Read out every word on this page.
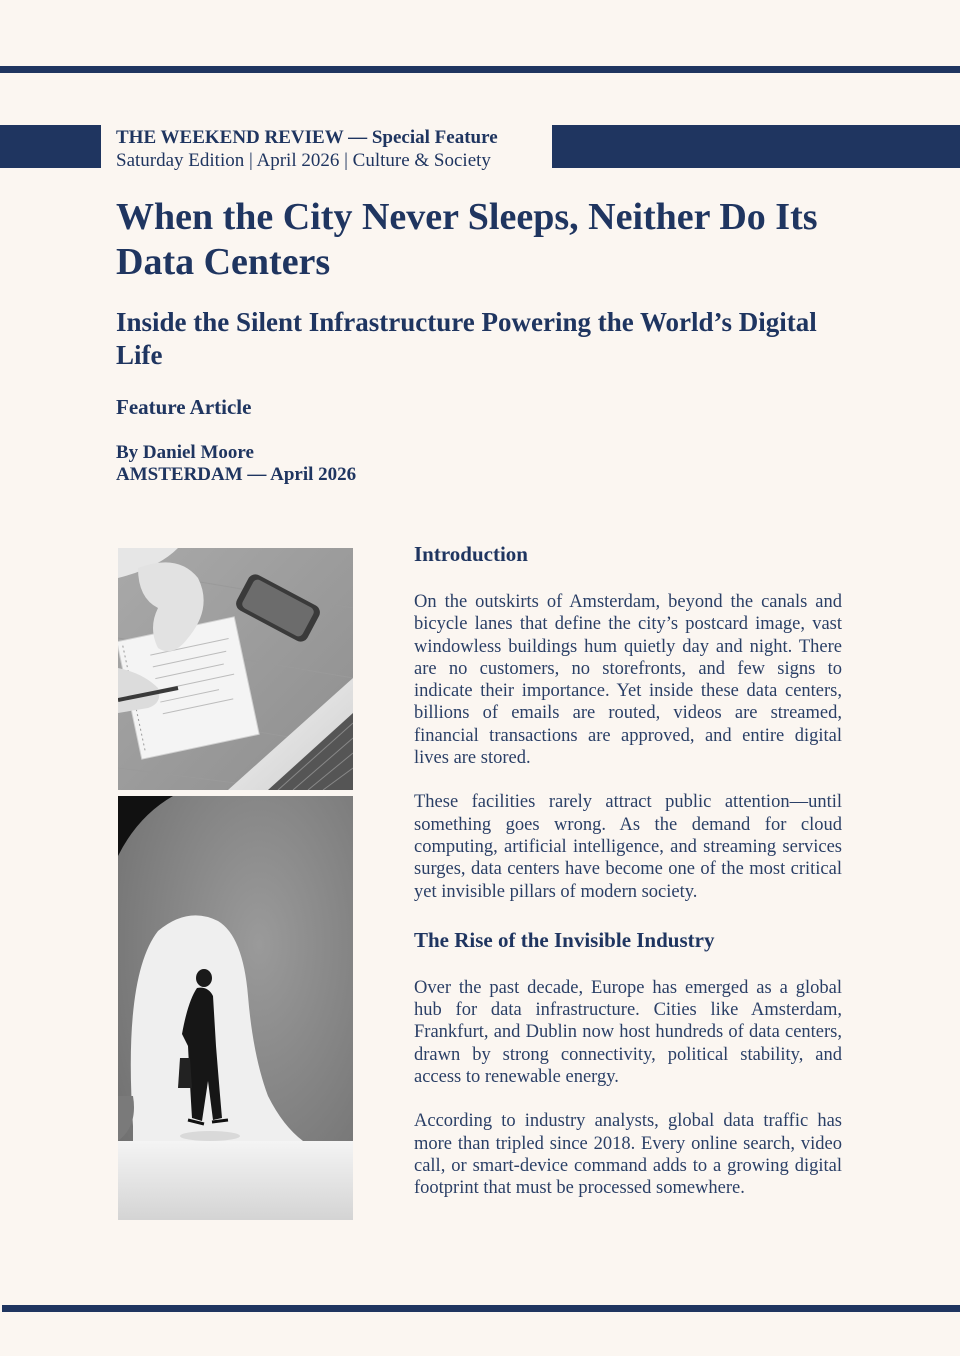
THE WEEKEND REVIEW — Special Feature
Saturday Edition | April 2026 | Culture & Society
When the City Never Sleeps, Neither Do Its Data Centers
Inside the Silent Infrastructure Powering the World’s Digital Life
Feature Article
By Daniel Moore
AMSTERDAM — April 2026
Introduction

On the outskirts of Amsterdam, beyond the canals and bicycle lanes that define the city’s postcard image, vast windowless buildings hum quietly day and night. There are no customers, no storefronts, and few signs to indicate their importance. Yet inside these data centers, billions of emails are routed, videos are streamed, financial transactions are approved, and entire digital lives are stored.

These facilities rarely attract public attention—until something goes wrong. As the demand for cloud computing, artificial intelligence, and streaming services surges, data centers have become one of the most critical yet invisible pillars of modern society.

The Rise of the Invisible Industry

Over the past decade, Europe has emerged as a global hub for data infrastructure. Cities like Amsterdam, Frankfurt, and Dublin now host hundreds of data centers, drawn by strong connectivity, political stability, and access to renewable energy.

According to industry analysts, global data traffic has more than tripled since 2018. Every online search, video call, or smart-device command adds to a growing digital footprint that must be processed somewhere.
